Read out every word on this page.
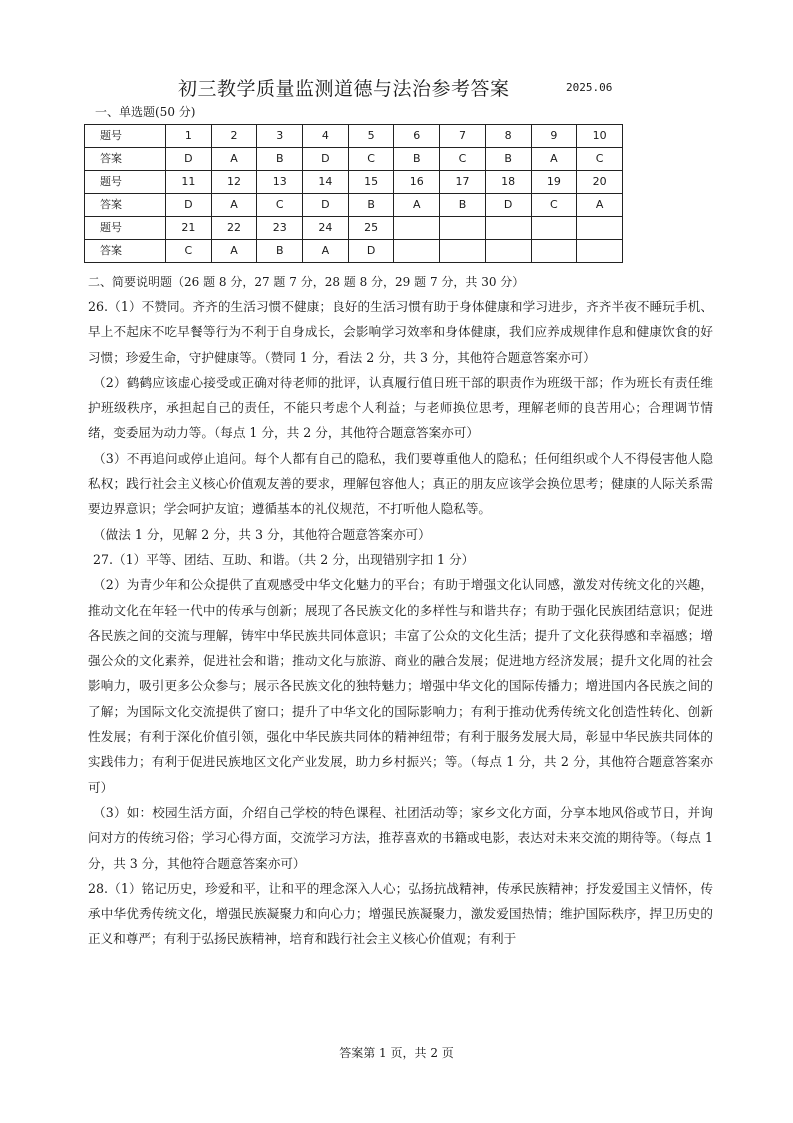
初三教学质量监测道德与法治参考答案	2025.06
一、单选题(50 分)
题号	1	2	3	4	5	6	7	8	9	10
答案	D	A	B	D	C	B	C	B	A	C
题号	11	12	13	14	15	16	17	18	19	20
答案	D	A	C	D	B	A	B	D	C	A
题号	21	22	23	24	25					
答案	C	A	B	A	D					
二、简要说明题（26 题 8 分，27 题 7 分，28 题 8 分，29 题 7 分，共 30 分）

26.（1）不赞同。齐齐的生活习惯不健康；良好的生活习惯有助于身体健康和学习进步，齐齐半夜不睡玩手机、早上不起床不吃早餐等行为不利于自身成长，会影响学习效率和身体健康，我们应养成规律作息和健康饮食的好习惯；珍爱生命，守护健康等。（赞同 1 分，看法 2 分，共 3 分，其他符合题意答案亦可）

（2）鹤鹤应该虚心接受或正确对待老师的批评，认真履行值日班干部的职责作为班级干部；作为班长有责任维护班级秩序，承担起自己的责任，不能只考虑个人利益；与老师换位思考，理解老师的良苦用心；合理调节情绪，变委屈为动力等。（每点 1 分，共 2 分，其他符合题意答案亦可）

（3）不再追问或停止追问。每个人都有自己的隐私，我们要尊重他人的隐私；任何组织或个人不得侵害他人隐私权；践行社会主义核心价值观友善的要求，理解包容他人；真正的朋友应该学会换位思考；健康的人际关系需要边界意识；学会呵护友谊；遵循基本的礼仪规范，不打听他人隐私等。

（做法 1 分，见解 2 分，共 3 分，其他符合题意答案亦可）

27.（1）平等、团结、互助、和谐。（共 2 分，出现错别字扣 1 分）

（2）为青少年和公众提供了直观感受中华文化魅力的平台；有助于增强文化认同感，激发对传统文化的兴趣，推动文化在年轻一代中的传承与创新；展现了各民族文化的多样性与和谐共存；有助于强化民族团结意识；促进各民族之间的交流与理解，铸牢中华民族共同体意识；丰富了公众的文化生活；提升了文化获得感和幸福感；增强公众的文化素养，促进社会和谐；推动文化与旅游、商业的融合发展；促进地方经济发展；提升文化周的社会影响力，吸引更多公众参与；展示各民族文化的独特魅力；增强中华文化的国际传播力；增进国内各民族之间的了解；为国际文化交流提供了窗口；提升了中华文化的国际影响力；有利于推动优秀传统文化创造性转化、创新性发展；有利于深化价值引领，强化中华民族共同体的精神纽带；有利于服务发展大局，彰显中华民族共同体的实践伟力；有利于促进民族地区文化产业发展，助力乡村振兴；等。（每点 1 分，共 2 分，其他符合题意答案亦可）

（3）如：校园生活方面，介绍自己学校的特色课程、社团活动等；家乡文化方面，分享本地风俗或节日，并询问对方的传统习俗；学习心得方面，交流学习方法，推荐喜欢的书籍或电影，表达对未来交流的期待等。（每点 1 分，共 3 分，其他符合题意答案亦可）

28.（1）铭记历史，珍爱和平，让和平的理念深入人心；弘扬抗战精神，传承民族精神；抒发爱国主义情怀，传承中华优秀传统文化，增强民族凝聚力和向心力；增强民族凝聚力，激发爱国热情；维护国际秩序，捍卫历史的正义和尊严；有利于弘扬民族精神，培育和践行社会主义核心价值观；有利于

答案第 1 页，共 2 页
